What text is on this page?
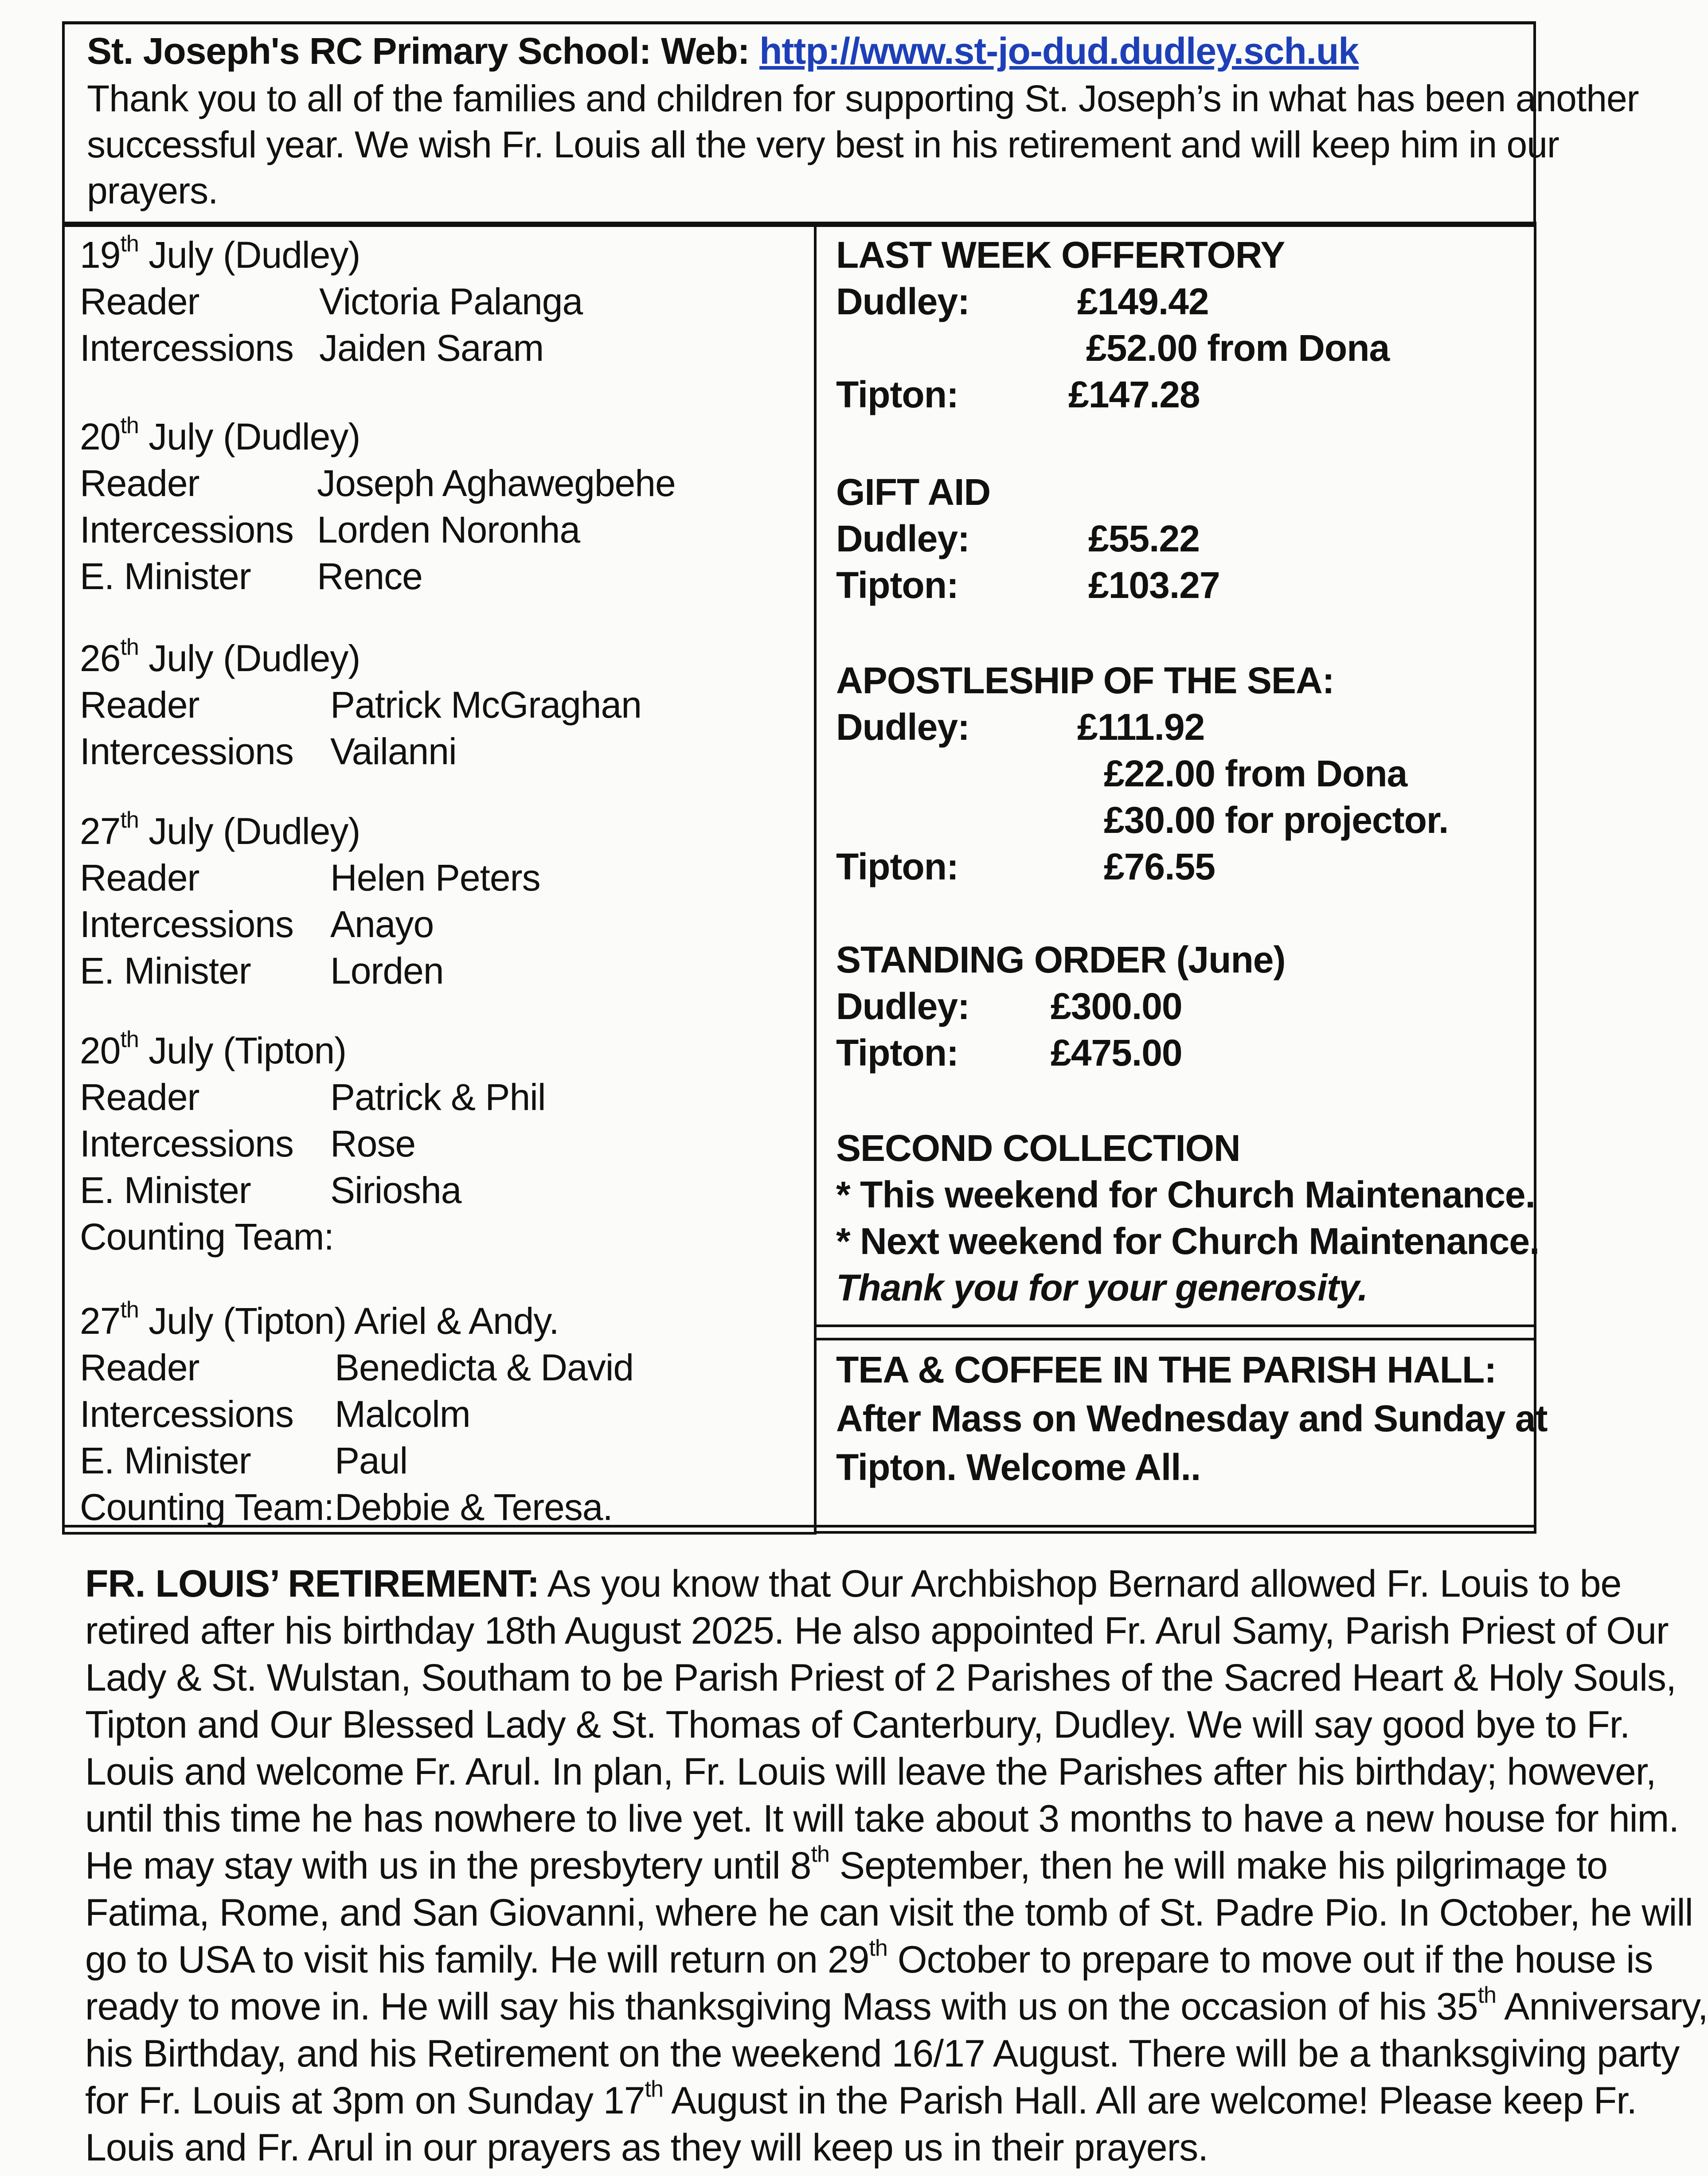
St. Joseph's RC Primary School: Web: http://www.st-jo-dud.dudley.sch.uk
Thank you to all of the families and children for supporting St. Joseph’s in what has been another
successful year. We wish Fr. Louis all the very best in his retirement and will keep him in our
prayers.
19th July (Dudley)
Reader	Victoria Palanga
Intercessions Jaiden Saram
20th July (Dudley)
Reader	Joseph Aghawegbehe
Intercessions Lorden Noronha
E. Minister Rence
26th July (Dudley)
Reader	Patrick McGraghan
Intercessions Vailanni
27th July (Dudley)
Reader	Helen Peters
Intercessions Anayo
E. Minister Lorden
20th July (Tipton)
Reader	Patrick & Phil
Intercessions Rose
E. Minister Siriosha
Counting Team:
27th July (Tipton) Ariel & Andy.
Reader	Benedicta & David
Intercessions Malcolm
E. Minister Paul
Counting Team: Debbie & Teresa.
LAST WEEK OFFERTORY
Dudley:	£149.42
£52.00 from Dona
Tipton:	£147.28
GIFT AID
Dudley:	£55.22
Tipton:	£103.27
APOSTLESHIP OF THE SEA:
Dudley:	£111.92
£22.00 from Dona
£30.00 for projector.
Tipton:	£76.55
STANDING ORDER (June)
Dudley: £300.00
Tipton: £475.00
SECOND COLLECTION
* This weekend for Church Maintenance.
* Next weekend for Church Maintenance.
Thank you for your generosity.
TEA & COFFEE IN THE PARISH HALL:
After Mass on Wednesday and Sunday at
Tipton. Welcome All..
FR. LOUIS’ RETIREMENT: As you know that Our Archbishop Bernard allowed Fr. Louis to be
retired after his birthday 18th August 2025. He also appointed Fr. Arul Samy, Parish Priest of Our
Lady & St. Wulstan, Southam to be Parish Priest of 2 Parishes of the Sacred Heart & Holy Souls,
Tipton and Our Blessed Lady & St. Thomas of Canterbury, Dudley. We will say good bye to Fr.
Louis and welcome Fr. Arul. In plan, Fr. Louis will leave the Parishes after his birthday; however,
until this time he has nowhere to live yet. It will take about 3 months to have a new house for him.
He may stay with us in the presbytery until 8th September, then he will make his pilgrimage to
Fatima, Rome, and San Giovanni, where he can visit the tomb of St. Padre Pio. In October, he will
go to USA to visit his family. He will return on 29th October to prepare to move out if the house is
ready to move in. He will say his thanksgiving Mass with us on the occasion of his 35th Anniversary,
his Birthday, and his Retirement on the weekend 16/17 August. There will be a thanksgiving party
for Fr. Louis at 3pm on Sunday 17th August in the Parish Hall. All are welcome! Please keep Fr.
Louis and Fr. Arul in our prayers as they will keep us in their prayers.
